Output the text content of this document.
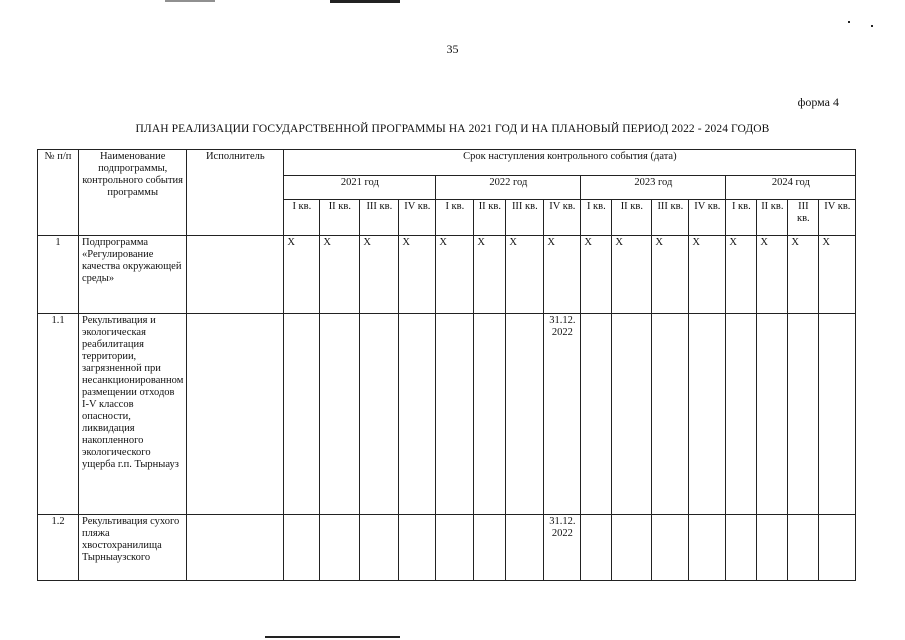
35
форма 4
ПЛАН РЕАЛИЗАЦИИ ГОСУДАРСТВЕННОЙ ПРОГРАММЫ НА 2021 ГОД И НА ПЛАНОВЫЙ ПЕРИОД 2022 - 2024 ГОДОВ
№ п/п	Наименование подпрограммы, контрольного события программы	Исполнитель	Срок наступления контрольного события (дата)															
			2021 год				2022 год				2023 год				2024 год			
			I кв.	II кв.	III кв.	IV кв.	I кв.	II кв.	III кв.	IV кв.	I кв.	II кв.	III кв.	IV кв.	I кв.	II кв.	III кв.	IV кв.
1	Подпрограмма «Регулирование качества окружающей среды»		X	X	X	X	X	X	X	X	X	X	X	X	X	X	X	X
1.1	Рекультивация и экологическая реабилитация территории, загрязненной при несанкционированном размещении отходов I-V классов опасности, ликвидация накопленного экологического ущерба г.п. Тырныауз									31.12. 2022								
1.2	Рекультивация сухого пляжа хвостохранилища Тырныаузского									31.12. 2022								
